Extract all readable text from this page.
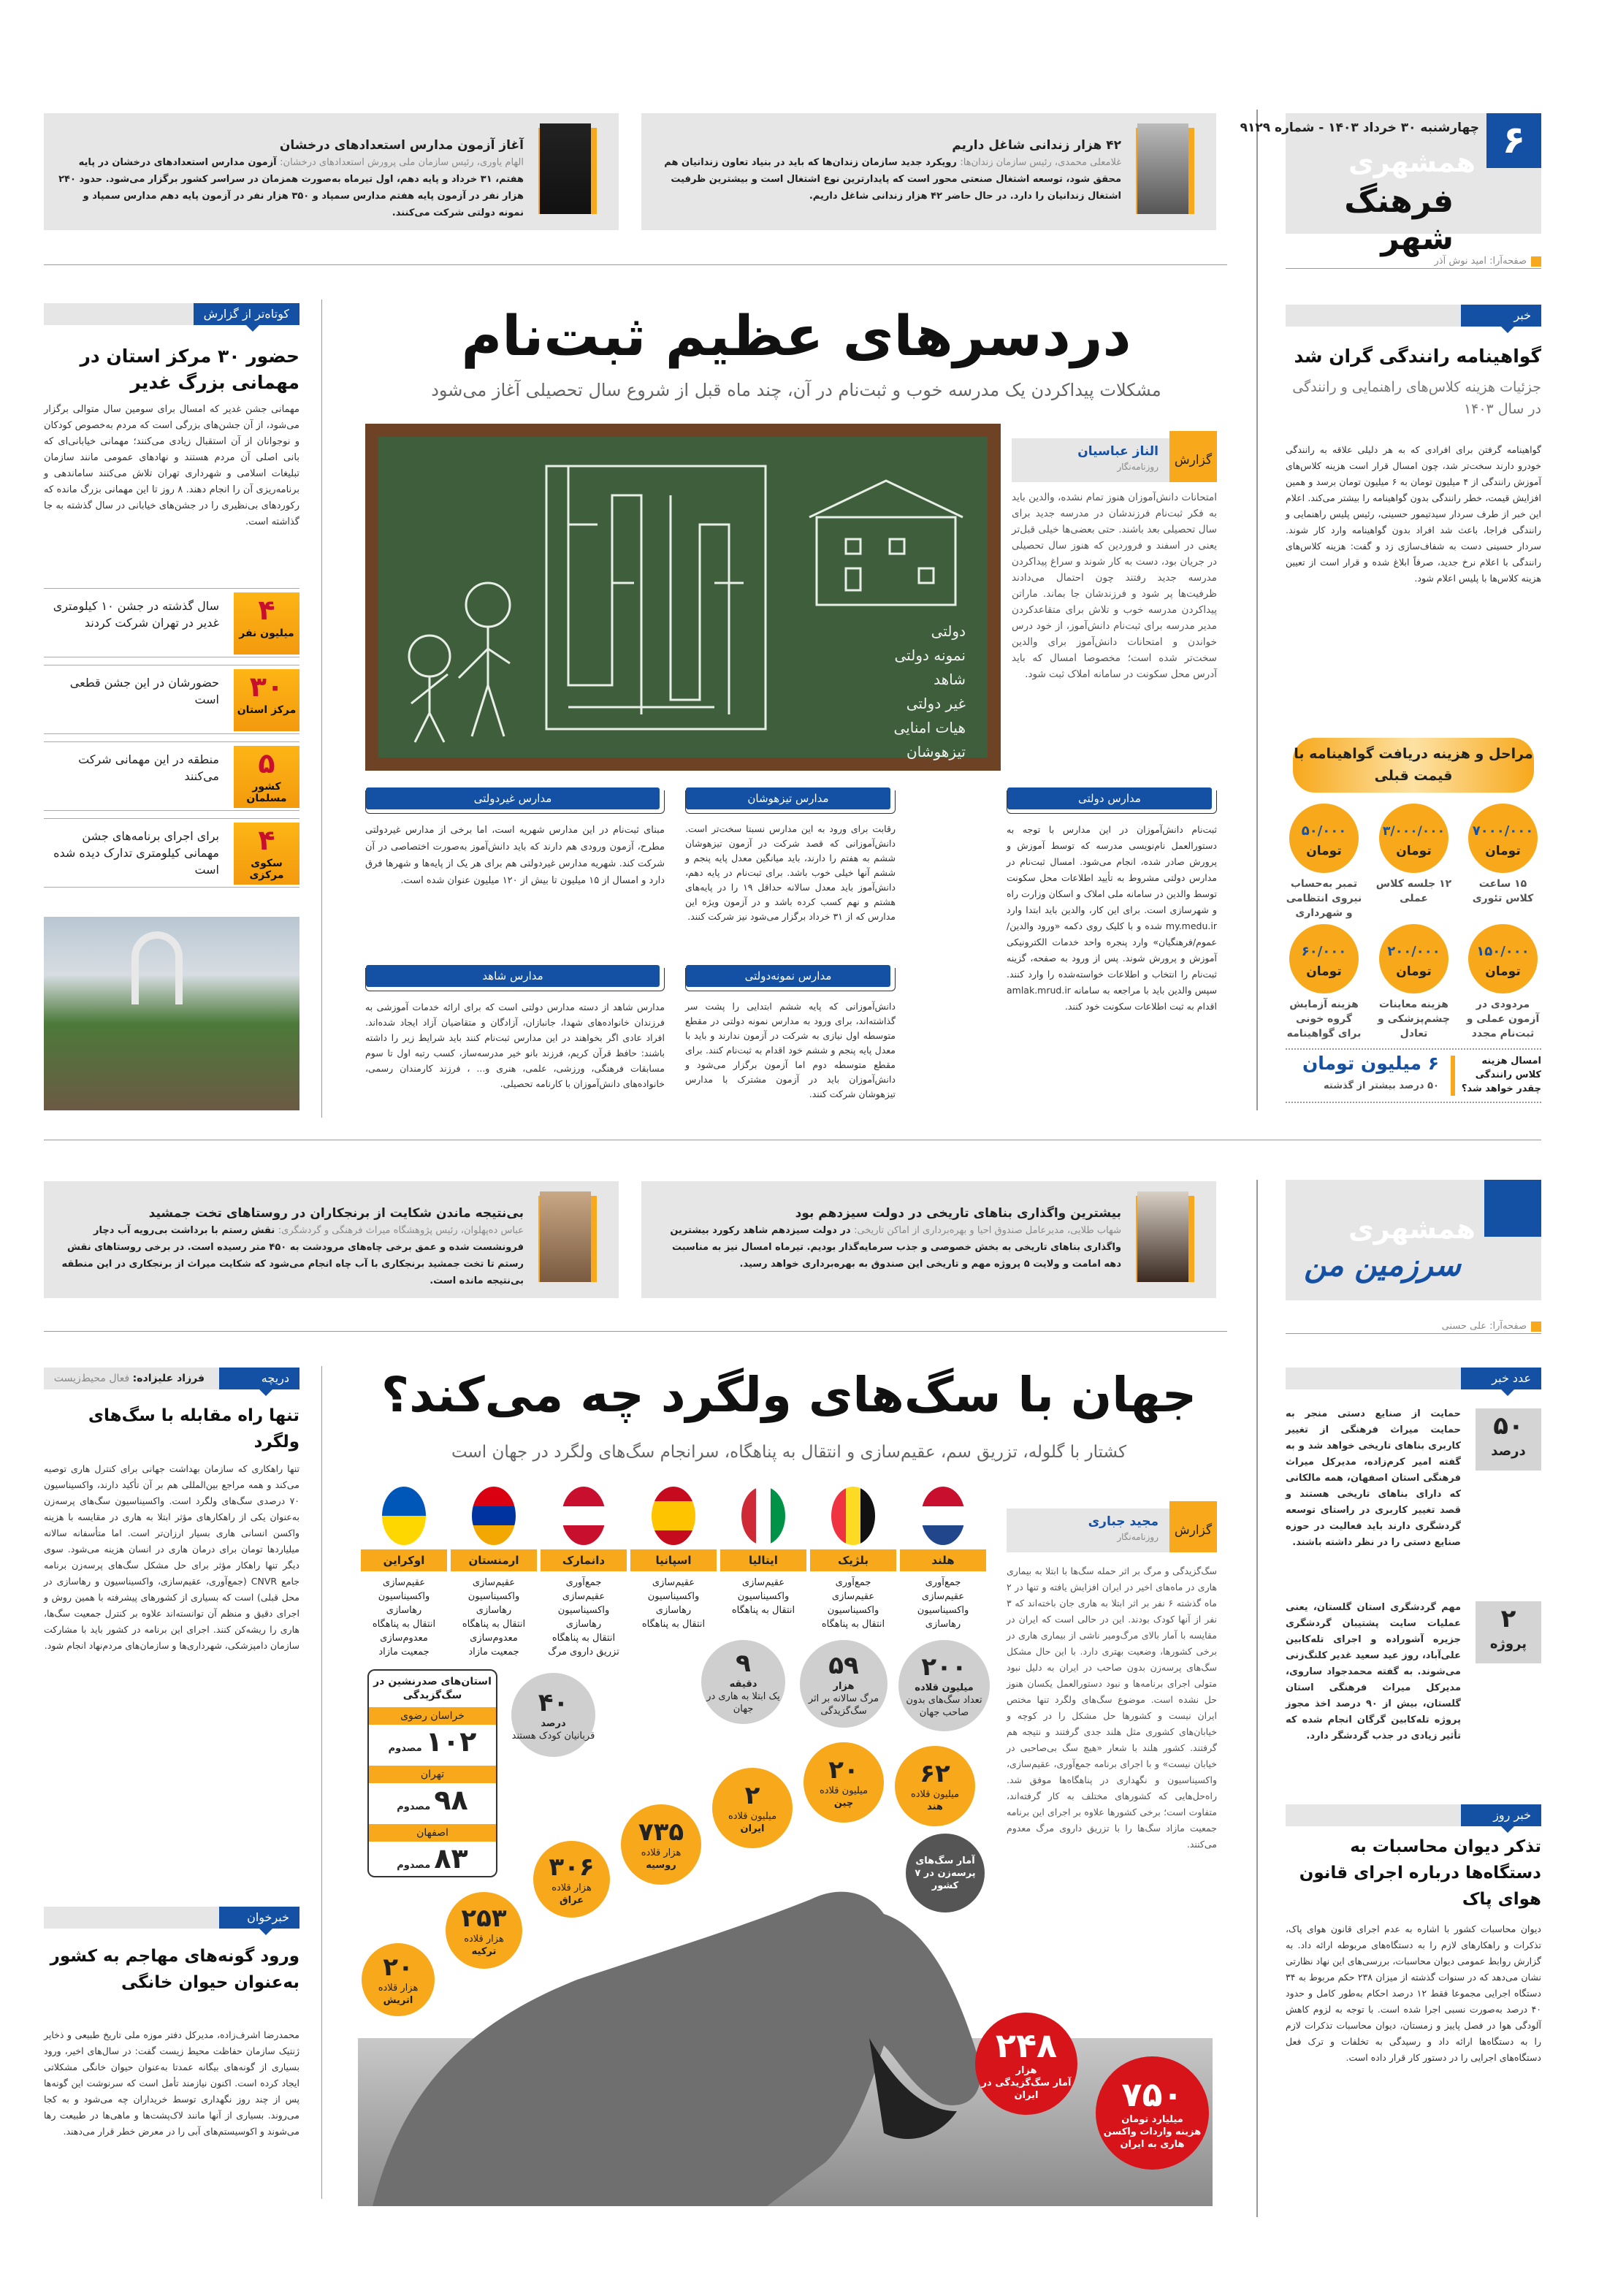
۶
چهارشنبه ۳۰ خرداد ۱۴۰۳ - شماره ۹۱۲۹
همشهری
فرهنگ شهر
صفحه‌آرا: امید نوش آذر
۴۲ هزار زندانی شاغل داریم

غلامعلی محمدی، رئیس سازمان زندان‌ها: رویکرد جدید سازمان زندان‌ها که باید در بنیاد تعاون زندانیان هم محقق شود، توسعه اشتغال صنعتی محور است که پایدارترین نوع اشتغال است و بیشترین ظرفیت اشتغال زندانیان را دارد. در حال حاضر ۴۲ هزار زندانی شاغل داریم.

آغاز آزمون مدارس استعدادهای درخشان

الهام یاوری، رئیس سازمان ملی پرورش استعدادهای درخشان: آزمون مدارس استعدادهای درخشان در پایه هفتم، ۳۱ خرداد و پایه دهم، اول تیرماه به‌صورت همزمان در سراسر کشور برگزار می‌شود. حدود ۲۴۰ هزار نفر در آزمون پایه هفتم مدارس سمپاد و ۳۵۰ هزار نفر در آزمون پایه دهم مدارس سمپاد و نمونه دولتی شرکت می‌کنند.

کوتاه‌تر از گزارش
حضور ۳۰ مرکز استان در مهمانی بزرگ غدیر
مهمانی جشن غدیر که امسال برای سومین سال متوالی برگزار می‌شود، از آن جشن‌های بزرگی است که مردم به‌خصوص کودکان و نوجوانان از آن استقبال زیادی می‌کنند؛ مهمانی خیابانی‌ای که بانی اصلی آن مردم هستند و نهادهای عمومی مانند سازمان تبلیغات اسلامی و شهرداری تهران تلاش می‌کنند ساماندهی و برنامه‌ریزی آن را انجام دهند. ۸ روز تا این مهمانی بزرگ مانده که رکوردهای بی‌نظیری را در جشن‌های خیابانی در سال گذشته به جا گذاشته است.
۴
میلیون نفر

سال گذشته در جشن ۱۰ کیلومتری غدیر در تهران شرکت کردند

۳۰
مرکز استان

حضورشان در این جشن قطعی است

۵
کشور مسلمان

منطقه در این مهمانی شرکت می‌کنند

۴
سکوی مرکزی

برای اجرای برنامه‌های جشن مهمانی کیلومتری تدارک دیده شده است

دردسرهای عظیم ثبت‌نام
مشکلات پیداکردن یک مدرسه خوب و ثبت‌نام در آن، چند ماه قبل از شروع سال تحصیلی آغاز می‌شود
دولتی
نمونه دولتی
شاهد
غیر دولتی
هیات امنایی
تیزهوشان
گزارش
الناز عباسیان
روزنامه‌نگار
امتحانات دانش‌آموزان هنوز تمام نشده، والدین باید به فکر ثبت‌نام فرزندشان در مدرسه جدید برای سال تحصیلی بعد باشند. حتی بعضی‌ها خیلی قبل‌تر یعنی در اسفند و فروردین که هنوز سال تحصیلی در جریان بود، دست به کار شوند و سراغ پیداکردن مدرسه جدید رفتند چون احتمال می‌دادند ظرفیت‌ها پر شود و فرزندشان جا بماند. ماراتن پیداکردن مدرسه خوب و تلاش برای متقاعدکردن مدیر مدرسه برای ثبت‌نام دانش‌آموز، از خود درس خواندن و امتحانات دانش‌آموز برای والدین سخت‌تر شده است؛ مخصوصا امسال که باید آدرس محل سکونت در سامانه املاک ثبت شود.
مدارس دولتی
ثبت‌نام دانش‌آموزان در این مدارس با توجه به دستورالعمل نام‌نویسی مدرسه که توسط آموزش و پرورش صادر شده، انجام می‌شود. امسال ثبت‌نام در مدارس دولتی مشروط به تأیید اطلاعات محل سکونت توسط والدین در سامانه ملی املاک و اسکان وزارت راه و شهرسازی است. برای این کار، والدین باید ابتدا وارد my.medu.ir شده و با کلیک روی دکمه «ورود والدین/عموم/فرهنگیان» وارد پنجره واحد خدمات الکترونیکی آموزش و پرورش شوند. پس از ورود به صفحه، گزینه ثبت‌نام را انتخاب و اطلاعات خواسته‌شده را وارد کنند. سپس والدین باید با مراجعه به سامانه amlak.mrud.ir اقدام به ثبت اطلاعات سکونت خود کنند.
مدارس تیزهوشان
رقابت برای ورود به این مدارس نسبتا سخت‌تر است. دانش‌آموزانی که قصد شرکت در آزمون تیزهوشان ششم به هفتم را دارند، باید میانگین معدل پایه پنجم و ششم آنها خیلی خوب باشد. برای ثبت‌نام در پایه دهم، دانش‌آموز باید معدل سالانه حداقل ۱۹ را در پایه‌های هشتم و نهم کسب کرده باشد و در آزمون ویژه این مدارس که از ۳۱ خرداد برگزار می‌شود نیز شرکت کنند.
مدارس غیردولتی
مبنای ثبت‌نام در این مدارس شهریه است، اما برخی از مدارس غیردولتی مطرح، آزمون ورودی هم دارند که باید دانش‌آموز به‌صورت اختصاصی در آن شرکت کند. شهریه مدارس غیردولتی هم برای هر یک از پایه‌ها و شهرها فرق دارد و امسال از ۱۵ میلیون تا بیش از ۱۲۰ میلیون عنوان شده است.
مدارس نمونه‌دولتی
دانش‌آموزانی که پایه ششم ابتدایی را پشت سر گذاشته‌اند، برای ورود به مدارس نمونه دولتی در مقطع متوسطه اول نیازی به شرکت در آزمون ندارند و باید با معدل پایه پنجم و ششم خود اقدام به ثبت‌نام کنند. برای مقطع متوسطه دوم اما آزمون برگزار می‌شود و دانش‌آموزان باید در آزمون مشترک با مدارس تیزهوشان شرکت کنند.
مدارس شاهد
مدارس شاهد از دسته مدارس دولتی است که برای ارائه خدمات آموزشی به فرزندان خانواده‌های شهدا، جانبازان، آزادگان و متقاضیان آزاد ایجاد شده‌اند. افراد عادی اگر بخواهند در این مدارس ثبت‌نام کنند باید شرایط زیر را داشته باشند: حافظ قرآن کریم، فرزند بانو خیر مدرسه‌ساز، کسب رتبه اول تا سوم مسابقات فرهنگی، ورزشی، علمی، هنری و... ، فرزند کارمندان رسمی، خانواده‌های دانش‌آموزان با کارنامه تحصیلی.
خبر
گواهینامه رانندگی گران شد
جزئیات هزینه کلاس‌های راهنمایی و رانندگی در سال ۱۴۰۳
گواهینامه گرفتن برای افرادی که به هر دلیلی علاقه به رانندگی خودرو دارند سخت‌تر شد، چون امسال قرار است هزینه کلاس‌های آموزش رانندگی از ۴ میلیون تومان به ۶ میلیون تومان برسد و همین افزایش قیمت، خطر رانندگی بدون گواهینامه را بیشتر می‌کند. اعلام این خبر از طرف سردار سیدتیمور حسینی، رئیس پلیس راهنمایی و رانندگی فراجا، باعث شد افراد بدون گواهینامه وارد کار شوند. سردار حسینی دست به شفاف‌سازی زد و گفت: هزینه کلاس‌های رانندگی با اعلام نرخ جدید، صرفاً ابلاغ شده و قرار است از تعیین هزینه کلاس‌ها با پلیس اعلام شود.
مراحل و هزینه دریافت گواهینامه با قیمت قبلی
۷۰۰۰/۰۰۰
تومان
۱۵ ساعت کلاس تئوری
۳/۰۰۰/۰۰۰
تومان
۱۲ جلسه کلاس عملی
۵۰/۰۰۰
تومان
تمبر به‌حساب نیروی انتظامی و شهرداری
۱۵۰/۰۰۰
تومان
مردودی در آزمون عملی و ثبت‌نام مجدد
۲۰۰/۰۰۰
تومان
هزینه معاینات چشم‌پزشکی و تعادل
۶۰/۰۰۰
تومان
هزینه آزمایش گروه خونی برای گواهینامه
امسال هزینه کلاس رانندگی چقدر خواهد شد؟
۶ میلیون تومان
۵۰ درصد بیشتر از گذشته
همشهری
سرزمین من
صفحه‌آرا: علی حسنی
بیشترین واگذاری بناهای تاریخی در دولت سیزدهم بود

شهاب طلایی، مدیرعامل صندوق احیا و بهره‌برداری از اماکن تاریخی: در دولت سیزدهم شاهد رکورد بیشترین واگذاری بناهای تاریخی به بخش خصوصی و جذب سرمایه‌گذار بودیم. تیرماه امسال نیز به مناسبت دهه امامت و ولایت ۵ پروژه مهم و تاریخی این صندوق به بهره‌برداری خواهد رسید.

بی‌نتیجه ماندن شکایت از برنجکاران در روستاهای تخت جمشید

عباس ده‌پهلوان، رئیس پژوهشگاه میراث فرهنگی و گردشگری: نقش رستم با برداشت بی‌رویه آب دچار فرونشست شده و عمق برخی چاه‌های مرودشت به ۴۵۰ متر رسیده است. در برخی روستاهای نقش رستم تا تخت جمشید برنجکاری با آب چاه انجام می‌شود که شکایت میراث از برنجکاری در این منطقه بی‌نتیجه مانده است.

دریچه
فرزاد علیزاده: فعال محیط‌زیست
تنها راه مقابله با سگ‌های ولگرد
تنها راهکاری که سازمان بهداشت جهانی برای کنترل هاری توصیه می‌کند و همه مراجع بین‌المللی هم بر آن تأکید دارند، واکسیناسیون ۷۰ درصدی سگ‌های ولگرد است. واکسیناسیون سگ‌های پرسه‌زن به‌عنوان یکی از راهکارهای مؤثر ابتلا به هاری در مقایسه با هزینه واکسن انسانی هاری بسیار ارزان‌تر است. اما متأسفانه سالانه میلیاردها تومان برای درمان هاری در انسان هزینه می‌شود. سوی دیگر تنها راهکار مؤثر برای حل مشکل سگ‌های پرسه‌زن برنامه جامع CNVR (جمع‌آوری، عقیم‌سازی، واکسیناسیون و رهاسازی در محل قبلی) است که بسیاری از کشورهای پیشرفته با همین روش و اجرای دقیق و منظم آن توانسته‌اند علاوه بر کنترل جمعیت سگ‌ها، هاری را ریشه‌کن کنند. اجرای این برنامه در کشور باید با مشارکت سازمان دامپزشکی، شهرداری‌ها و سازمان‌های مردم‌نهاد انجام شود.
خبرخوان
ورود گونه‌های مهاجم به کشور به‌عنوان حیوان خانگی
محمدرضا اشرف‌زاده، مدیرکل دفتر موزه ملی تاریخ طبیعی و ذخایر ژنتیک سازمان حفاظت محیط زیست گفت: در سال‌های اخیر، ورود بسیاری از گونه‌های بیگانه عمدتا به‌عنوان حیوان خانگی مشکلاتی ایجاد کرده است. اکنون نیازمند تأمل است که سرنوشت این گونه‌ها پس از چند روز نگهداری توسط خریداران چه می‌شود و به کجا می‌روند. بسیاری از آنها مانند لاک‌پشت‌ها و ماهی‌ها در طبیعت رها می‌شوند و اکوسیستم‌های آبی را در معرض خطر قرار می‌دهند.
جهان با سگ‌های ولگرد چه می‌کند؟
کشتار با گلوله، تزریق سم، عقیم‌سازی و انتقال به پناهگاه، سرانجام سگ‌های ولگرد در جهان است
هلند
جمع‌آوری
عقیم‌سازی
واکسیناسیون
رهاسازی
بلژیک
جمع‌آوری
عقیم‌سازی
واکسیناسیون
انتقال به پناهگاه
ایتالیا
عقیم‌سازی
واکسیناسیون
انتقال به پناهگاه
اسپانیا
عقیم‌سازی
واکسیناسیون
رهاسازی
انتقال به پناهگاه
دانمارک
جمع‌آوری
عقیم‌سازی
واکسیناسیون
رهاسازی
انتقال به پناهگاه
تزریق داروی مرگ
ارمنستان
عقیم‌سازی
واکسیناسیون
رهاسازی
انتقال به پناهگاه
معدوم‌سازی
جمعیت مازاد
اوکراین
عقیم‌سازی
واکسیناسیون
رهاسازی
انتقال به پناهگاه
معدوم‌سازی
جمعیت مازاد
گزارش
مجید جباری
روزنامه‌نگار
سگ‌گزیدگی و مرگ بر اثر حمله سگ‌ها با ابتلا به بیماری هاری در ماه‌های اخیر در ایران افزایش یافته و تنها در ۲ ماه گذشته ۶ نفر بر اثر ابتلا به هاری جان باخته‌اند که ۳ نفر از آنها کودک بودند. این در حالی است که ایران در مقایسه با آمار بالای مرگ‌ومیر ناشی از بیماری هاری در برخی کشورها، وضعیت بهتری دارد. با این حال مشکل سگ‌های پرسه‌زن بدون صاحب در ایران به دلیل نبود متولی اجرای برنامه‌ها و نبود دستورالعمل یکسان هنوز حل نشده است. موضوع سگ‌های ولگرد تنها مختص ایران نیست و کشورها حل مشکل را در کوچه و خیابان‌های کشوری مثل هلند جدی گرفتند و نتیجه هم گرفتند. کشور هلند با شعار «هیچ سگ بی‌صاحبی در خیابان نیست» و با اجرای برنامه جمع‌آوری، عقیم‌سازی، واکسیناسیون و نگهداری در پناهگاه‌ها موفق شد. راه‌حل‌هایی که کشورهای مختلف به کار گرفته‌اند، متفاوت است؛ برخی کشورها علاوه بر اجرای این برنامه جمعیت مازاد سگ‌ها را با تزریق داروی مرگ معدوم می‌کنند.
استان‌های صدرنشین در سگ‌گزیدگی
خراسان رضوی
۱۰۲ مصدوم
تهران
۹۸ مصدوم
اصفهان
۸۳ مصدوم
۲۰۰
میلیون قلاده
تعداد سگ‌های بدون صاحب جهان
۵۹
هزار
مرگ سالانه بر اثر سگ‌گزیدگی
۹
دقیقه
یک ابتلا به هاری در جهان
۴۰
درصد
قربانیان کودک هستند
۶۲
میلیون قلاده
هند
۲۰
میلیون قلاده
چین
۲
میلیون قلاده
ایران
۷۳۵
هزار قلاده
روسیه
۳۰۶
هزار قلاده
عراق
۲۵۳
هزار قلاده
ترکیه
۲۰
هزار قلاده
اتریش
آمار سگ‌های پرسه‌زن در ۷ کشور
۲۴۸
هزار
آمار سگ‌گزیدگی در ایران	۷۵۰
میلیارد تومان
هزینه واردات واکسن هاری به ایران
عدد خبر
۵۰
درصد
حمایت از صنایع دستی منجر به حمایت میراث فرهنگی از تغییر کاربری بناهای تاریخی خواهد شد و به گفته امیر کرم‌زاده، مدیرکل میراث فرهنگی استان اصفهان، همه مالکانی که دارای بناهای تاریخی هستند و قصد تغییر کاربری در راستای توسعه گردشگری دارند باید فعالیت در حوزه صنایع دستی را در نظر داشته باشند.
۲
پروژه
مهم گردشگری استان گلستان، یعنی عملیات سایت پشتیبان گردشگری جزیره آشوراده و اجرای تله‌کابین علی‌آباد، روز عید سعید غدیر کلنگ‌زنی می‌شوند. به گفته محمدجواد ساروی، مدیرکل میراث فرهنگی استان گلستان، بیش از ۹۰ درصد اخذ مجوز پروژه تله‌کابین گرگان انجام شده که تأثیر زیادی در جذب گردشگر دارد.
خبر روز
تذکر دیوان محاسبات به دستگاه‌ها درباره اجرای قانون هوای پاک
دیوان محاسبات کشور با اشاره به عدم اجرای قانون هوای پاک، تذکرات و راهکارهای لازم را به دستگاه‌های مربوطه ارائه داد. به گزارش روابط عمومی دیوان محاسبات، بررسی‌های این نهاد نظارتی نشان می‌دهد که در سنوات گذشته از میزان ۲۳۸ حکم مربوط به ۳۴ دستگاه اجرایی مجموعا فقط ۱۲ درصد احکام به‌طور کامل و حدود ۴۰ درصد به‌صورت نسبی اجرا شده است. با توجه به لزوم کاهش آلودگی هوا در فصل پاییز و زمستان، دیوان محاسبات تذکرات لازم را به دستگاه‌ها ارائه داد و رسیدگی به تخلفات و ترک فعل دستگاه‌های اجرایی را در دستور کار قرار داده است.
